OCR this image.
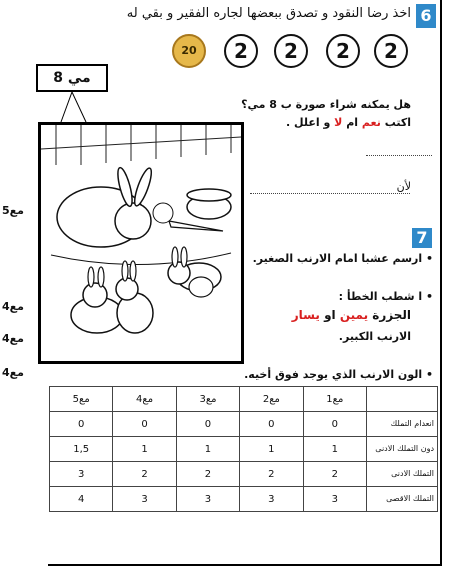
6
اخذ رضا النقود و تصدق ببعضها لجاره الفقير و بقي له
2
2
2
2
20
8 مي
هل يمكنه شراء صورة ب 8 مي؟
اكتب نعم ام لا و اعلل .
لأن
7
• ارسم عشبا امام الارنب الصغير.
• ا شطب الخطأ :
الجزرة يمين او يسار
الارنب الكبير.
• الون الارنب الذي يوجد فوق أخيه.
مع5
مع4
مع4
مع4
مع5	مع4	مع3	مع2	مع1	
0	0	0	0	0	انعدام التملك
1,5	1	1	1	1	دون التملك الادنى
3	2	2	2	2	التملك الادنى
4	3	3	3	3	التملك الاقصى
